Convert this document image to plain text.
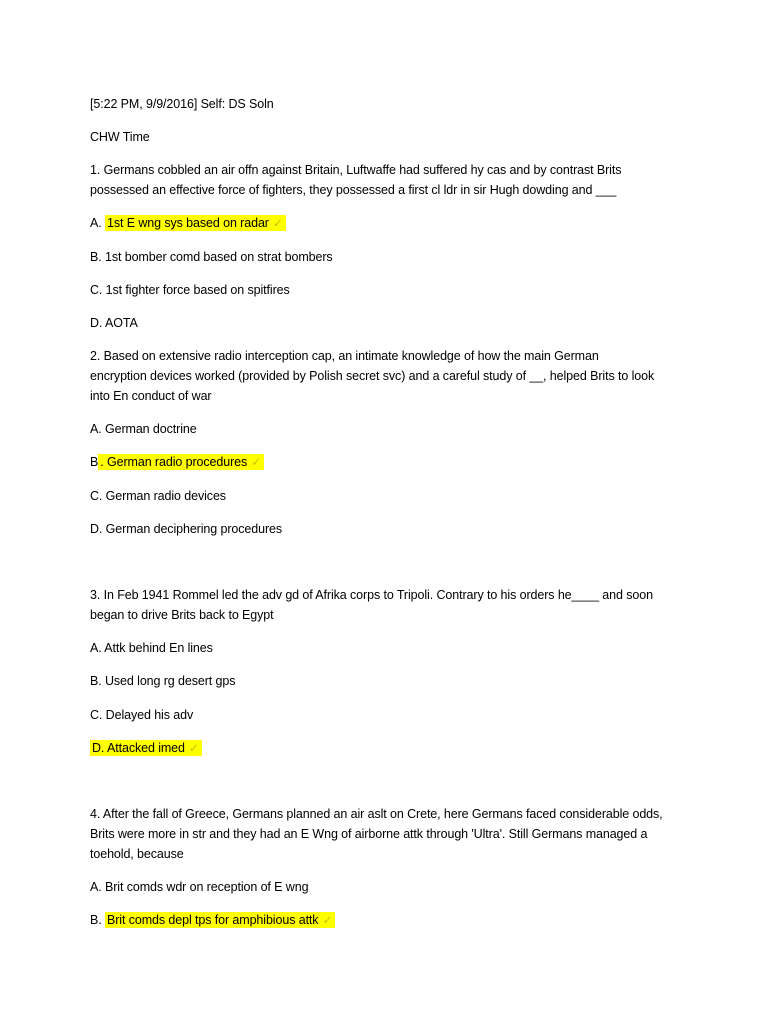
[5:22 PM, 9/9/2016] Self: DS Soln
CHW Time
1. Germans cobbled an air offn against Britain, Luftwaffe had suffered hy cas and by contrast Brits
possessed an effective force of fighters, they possessed a first cl ldr in sir Hugh dowding and ___
A. 1st E wng sys based on radar ✓
B. 1st bomber comd based on strat bombers
C. 1st fighter force based on spitfires
D. AOTA
2. Based on extensive radio interception cap, an intimate knowledge of how the main German
encryption devices worked (provided by Polish secret svc) and a careful study of __, helped Brits to look
into En conduct of war
A. German doctrine
B . German radio procedures ✓
C. German radio devices
D. German deciphering procedures
3. In Feb 1941 Rommel led the adv gd of Afrika corps to Tripoli. Contrary to his orders he____ and soon
began to drive Brits back to Egypt
A. Attk behind En lines
B. Used long rg desert gps
C. Delayed his adv
D. Attacked imed ✓
4. After the fall of Greece, Germans planned an air aslt on Crete, here Germans faced considerable odds,
Brits were more in str and they had an E Wng of airborne attk through 'Ultra'. Still Germans managed a
toehold, because
A. Brit comds wdr on reception of E wng
B. Brit comds depl tps for amphibious attk ✓
